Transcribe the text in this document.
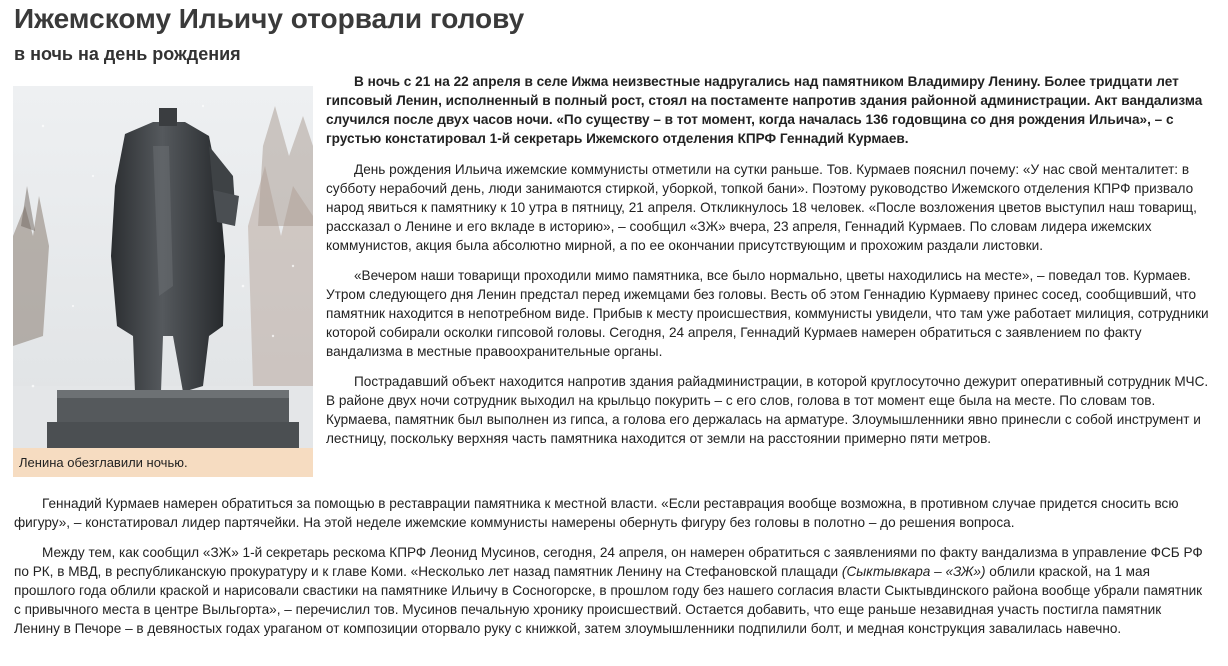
Ижемскому Ильичу оторвали голову
в ночь на день рождения
Ленина обезглавили ночью.

В ночь с 21 на 22 апреля в селе Ижма неизвестные надругались над памятником Владимиру Ленину. Более тридцати лет гипсовый Ленин, исполненный в полный рост, стоял на постаменте напротив здания районной администрации. Акт вандализма случился после двух часов ночи. «По существу – в тот момент, когда началась 136 годовщина со дня рождения Ильича», – с грустью констатировал 1-й секретарь Ижемского отделения КПРФ Геннадий Курмаев.

День рождения Ильича ижемские коммунисты отметили на сутки раньше. Тов. Курмаев пояснил почему: «У нас свой менталитет: в субботу нерабочий день, люди занимаются стиркой, уборкой, топкой бани». Поэтому руководство Ижемского отделения КПРФ призвало народ явиться к памятнику к 10 утра в пятницу, 21 апреля. Откликнулось 18 человек. «После возложения цветов выступил наш товарищ, рассказал о Ленине и его вкладе в историю», – сообщил «ЗЖ» вчера, 23 апреля, Геннадий Курмаев. По словам лидера ижемских коммунистов, акция была абсолютно мирной, а по ее окончании присутствующим и прохожим раздали листовки.

«Вечером наши товарищи проходили мимо памятника, все было нормально, цветы находились на месте», – поведал тов. Курмаев. Утром следующего дня Ленин предстал перед ижемцами без головы. Весть об этом Геннадию Курмаеву принес сосед, сообщивший, что памятник находится в непотребном виде. Прибыв к месту происшествия, коммунисты увидели, что там уже работает милиция, сотрудники которой собирали осколки гипсовой головы. Сегодня, 24 апреля, Геннадий Курмаев намерен обратиться с заявлением по факту вандализма в местные правоохранительные органы.

Пострадавший объект находится напротив здания райадминистрации, в которой круглосуточно дежурит оперативный сотрудник МЧС. В районе двух ночи сотрудник выходил на крыльцо покурить – с его слов, голова в тот момент еще была на месте. По словам тов. Курмаева, памятник был выполнен из гипса, а голова его держалась на арматуре. Злоумышленники явно принесли с собой инструмент и лестницу, поскольку верхняя часть памятника находится от земли на расстоянии примерно пяти метров.

Геннадий Курмаев намерен обратиться за помощью в реставрации памятника к местной власти. «Если реставрация вообще возможна, в противном случае придется сносить всю фигуру», – констатировал лидер партячейки. На этой неделе ижемские коммунисты намерены обернуть фигуру без головы в полотно – до решения вопроса.

Между тем, как сообщил «ЗЖ» 1-й секретарь рескома КПРФ Леонид Мусинов, сегодня, 24 апреля, он намерен обратиться с заявлениями по факту вандализма в управление ФСБ РФ по РК, в МВД, в республиканскую прокуратуру и к главе Коми. «Несколько лет назад памятник Ленину на Стефановской плащади (Сыктывкара – «ЗЖ») облили краской, на 1 мая прошлого года облили краской и нарисовали свастики на памятнике Ильичу в Сосногорске, в прошлом году без нашего согласия власти Сыктывдинского района вообще убрали памятник с привычного места в центре Выльгорта», – перечислил тов. Мусинов печальную хронику происшествий. Остается добавить, что еще раньше незавидная участь постигла памятник Ленину в Печоре – в девяностых годах ураганом от композиции оторвало руку с книжкой, затем злоумышленники подпилили болт, и медная конструкция завалилась навечно.
